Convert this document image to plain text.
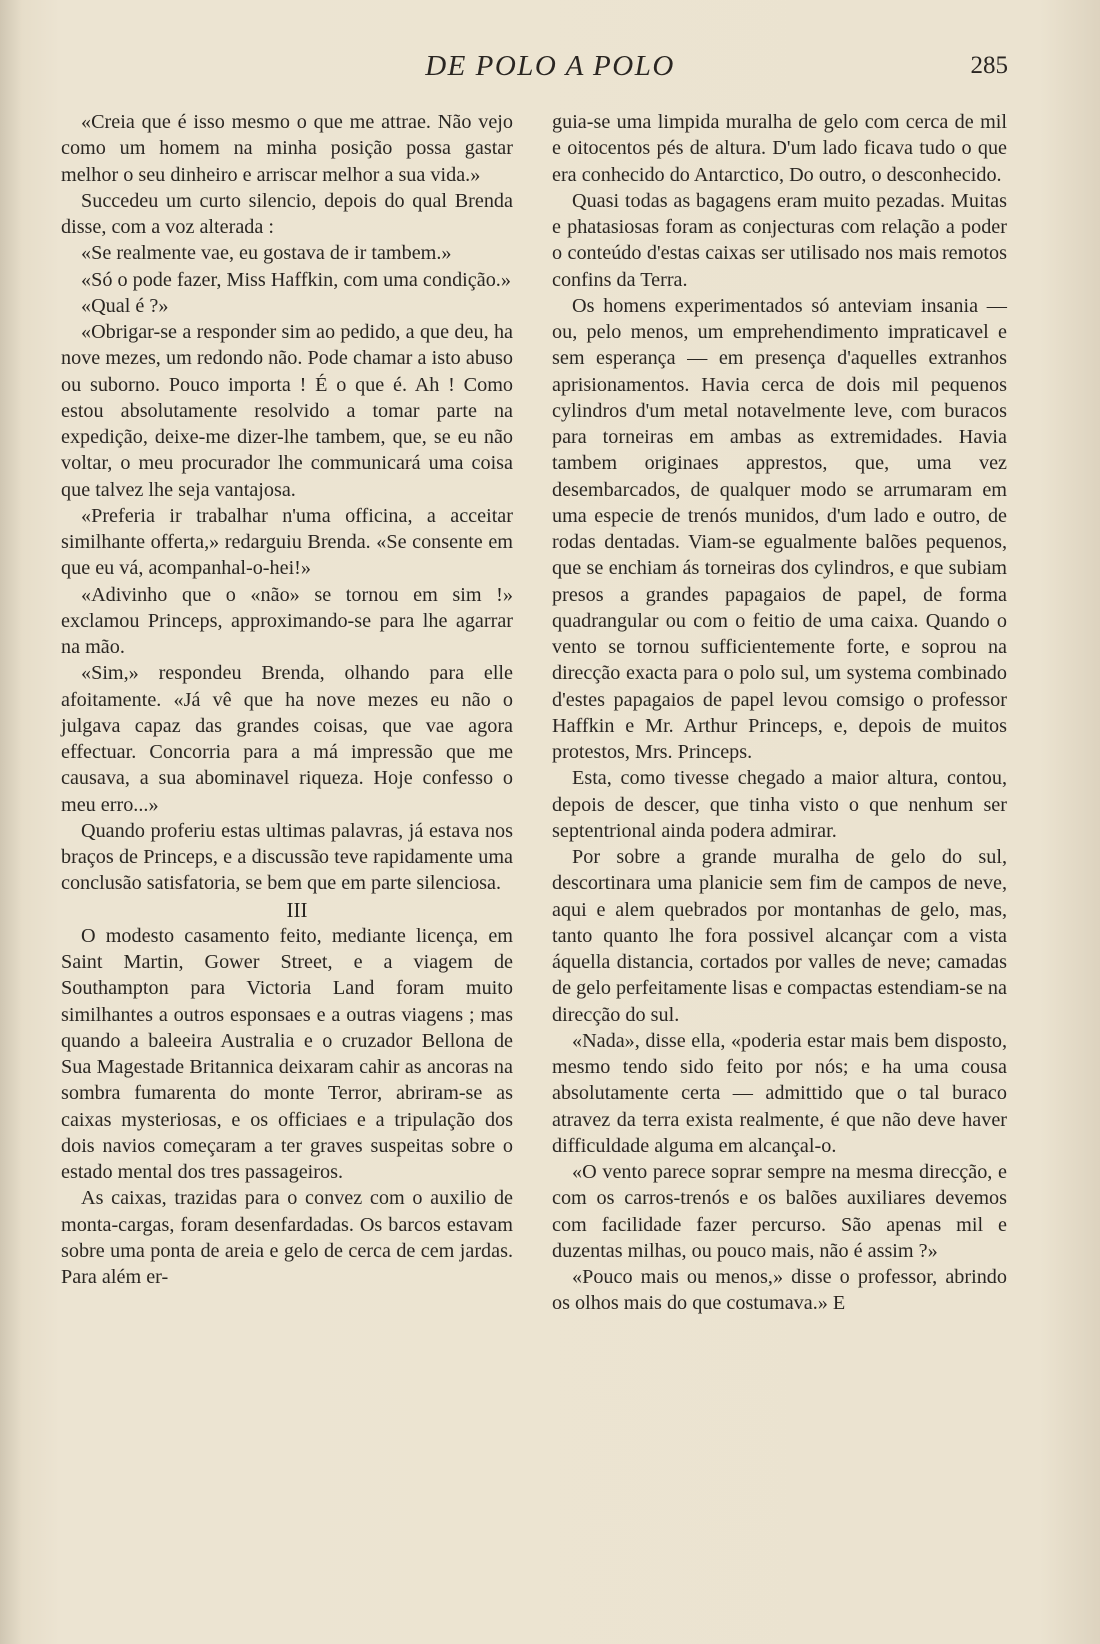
DE POLO A POLO	285

«Creia que é isso mesmo o que me attrae. Não vejo como um homem na minha posição possa gastar melhor o seu dinheiro e arriscar melhor a sua vida.»

Succedeu um curto silencio, depois do qual Brenda disse, com a voz alterada :

«Se realmente vae, eu gostava de ir tambem.»

«Só o pode fazer, Miss Haffkin, com uma condição.»

«Qual é ?»

«Obrigar-se a responder sim ao pedido, a que deu, ha nove mezes, um redondo não. Pode chamar a isto abuso ou suborno. Pouco importa ! É o que é. Ah ! Como estou absolutamente resolvido a tomar parte na expedição, deixe-me dizer-lhe tambem, que, se eu não voltar, o meu procurador lhe communicará uma coisa que talvez lhe seja vantajosa.

«Preferia ir trabalhar n'uma officina, a acceitar similhante offerta,» redarguiu Brenda. «Se consente em que eu vá, acompanhal-o-hei!»

«Adivinho que o «não» se tornou em sim !» exclamou Princeps, approximando-se para lhe agarrar na mão.

«Sim,» respondeu Brenda, olhando para elle afoitamente. «Já vê que ha nove mezes eu não o julgava capaz das grandes coisas, que vae agora effectuar. Concorria para a má impressão que me causava, a sua abominavel riqueza. Hoje confesso o meu erro...»

Quando proferiu estas ultimas palavras, já estava nos braços de Princeps, e a discussão teve rapidamente uma conclusão satisfatoria, se bem que em parte silenciosa.

III

O modesto casamento feito, mediante licença, em Saint Martin, Gower Street, e a viagem de Southampton para Victoria Land foram muito similhantes a outros esponsaes e a outras viagens ; mas quando a baleeira Australia e o cruzador Bellona de Sua Magestade Britannica deixaram cahir as ancoras na sombra fumarenta do monte Terror, abriram-se as caixas mysteriosas, e os officiaes e a tripulação dos dois navios começaram a ter graves suspeitas sobre o estado mental dos tres passageiros.

As caixas, trazidas para o convez com o auxilio de monta-cargas, foram desenfardadas. Os barcos estavam sobre uma ponta de areia e gelo de cerca de cem jardas. Para além er-

guia-se uma limpida muralha de gelo com cerca de mil e oitocentos pés de altura. D'um lado ficava tudo o que era conhecido do Antarctico, Do outro, o desconhecido.

Quasi todas as bagagens eram muito pezadas. Muitas e phatasiosas foram as conjecturas com relação a poder o conteúdo d'estas caixas ser utilisado nos mais remotos confins da Terra.

Os homens experimentados só anteviam insania — ou, pelo menos, um emprehendimento impraticavel e sem esperança — em presença d'aquelles extranhos aprisionamentos. Havia cerca de dois mil pequenos cylindros d'um metal notavelmente leve, com buracos para torneiras em ambas as extremidades. Havia tambem originaes apprestos, que, uma vez desembarcados, de qualquer modo se arrumaram em uma especie de trenós munidos, d'um lado e outro, de rodas dentadas. Viam-se egualmente balões pequenos, que se enchiam ás torneiras dos cylindros, e que subiam presos a grandes papagaios de papel, de forma quadrangular ou com o feitio de uma caixa. Quando o vento se tornou sufficientemente forte, e soprou na direcção exacta para o polo sul, um systema combinado d'estes papagaios de papel levou comsigo o professor Haffkin e Mr. Arthur Princeps, e, depois de muitos protestos, Mrs. Princeps.

Esta, como tivesse chegado a maior altura, contou, depois de descer, que tinha visto o que nenhum ser septentrional ainda podera admirar.

Por sobre a grande muralha de gelo do sul, descortinara uma planicie sem fim de campos de neve, aqui e alem quebrados por montanhas de gelo, mas, tanto quanto lhe fora possivel alcançar com a vista áquella distancia, cortados por valles de neve; camadas de gelo perfeitamente lisas e compactas estendiam-se na direcção do sul.

«Nada», disse ella, «poderia estar mais bem disposto, mesmo tendo sido feito por nós; e ha uma cousa absolutamente certa — admittido que o tal buraco atravez da terra exista realmente, é que não deve haver difficuldade alguma em alcançal-o.

«O vento parece soprar sempre na mesma direcção, e com os carros-trenós e os balões auxiliares devemos com facilidade fazer percurso. São apenas mil e duzentas milhas, ou pouco mais, não é assim ?»

«Pouco mais ou menos,» disse o professor, abrindo os olhos mais do que costumava.» E
